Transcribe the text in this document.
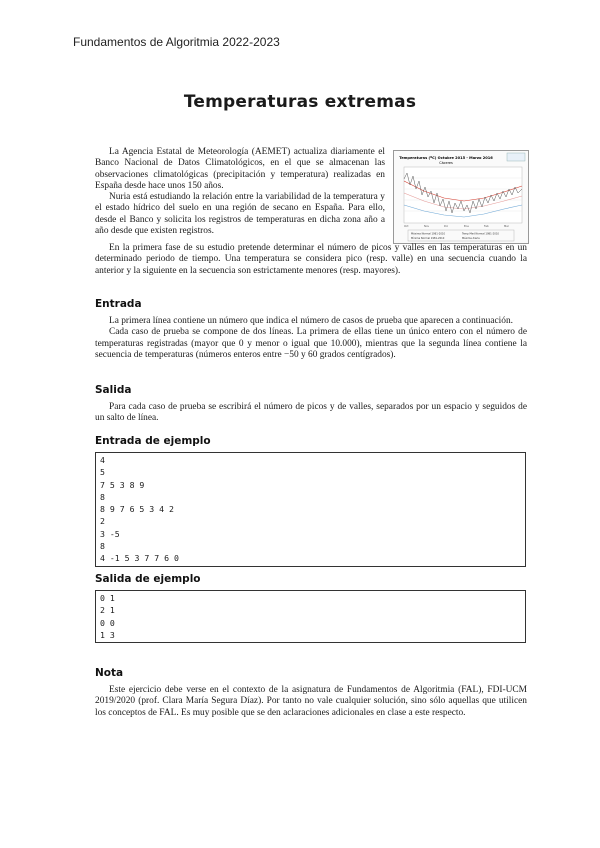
Fundamentos de Algoritmia 2022-2023
Temperaturas extremas
Temperaturas (ºC) Octubre 2015 - Marzo 2016
Cáceres
Oct	Nov	Dic	Ene	Feb	Mar
Máxima Normal 1981-2010	Temp Med Normal 1981-2010
Mínima Normal 1981-2010	Máxima diaria

La Agencia Estatal de Meteorología (AEMET) actualiza diariamente el Banco Nacional de Datos Climatológicos, en el que se almacenan las observaciones climatológicas (precipitación y temperatura) realizadas en España desde hace unos 150 años.

Nuria está estudiando la relación entre la variabilidad de la temperatura y el estado hídrico del suelo en una región de secano en España. Para ello, desde el Banco y solicita los registros de temperaturas en dicha zona año a año desde que existen registros.

En la primera fase de su estudio pretende determinar el número de picos y valles en las temperaturas en un determinado periodo de tiempo. Una temperatura se considera pico (resp. valle) en una secuencia cuando la anterior y la siguiente en la secuencia son estrictamente menores (resp. mayores).

Entrada

La primera línea contiene un número que indica el número de casos de prueba que aparecen a continuación.

Cada caso de prueba se compone de dos líneas. La primera de ellas tiene un único entero con el número de temperaturas registradas (mayor que 0 y menor o igual que 10.000), mientras que la segunda línea contiene la secuencia de temperaturas (números enteros entre −50 y 60 grados centígrados).

Salida

Para cada caso de prueba se escribirá el número de picos y de valles, separados por un espacio y seguidos de un salto de línea.

Entrada de ejemplo
4
5
7 5 3 8 9
8
8 9 7 6 5 3 4 2
2
3 -5
8
4 -1 5 3 7 7 6 0
Salida de ejemplo
0 1
2 1
0 0
1 3
Nota

Este ejercicio debe verse en el contexto de la asignatura de Fundamentos de Algoritmia (FAL), FDI-UCM 2019/2020 (prof. Clara María Segura Díaz). Por tanto no vale cualquier solución, sino sólo aquellas que utilicen los conceptos de FAL. Es muy posible que se den aclaraciones adicionales en clase a este respecto.
